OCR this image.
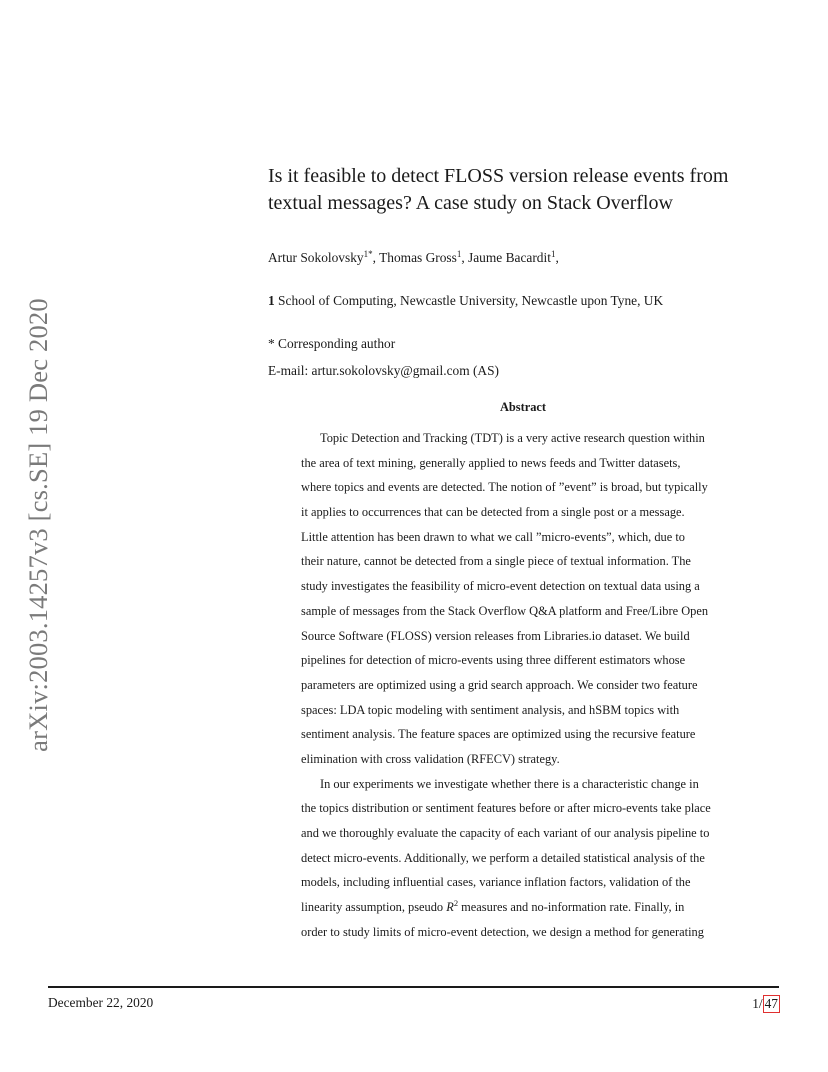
arXiv:2003.14257v3 [cs.SE] 19 Dec 2020
Is it feasible to detect FLOSS version release events from
textual messages? A case study on Stack Overflow
Artur Sokolovsky$^{1*}$, Thomas Gross$^1$, Jaume Bacardit$^1$,
1 School of Computing, Newcastle University, Newcastle upon Tyne, UK
* Corresponding author
E-mail: artur.sokolovsky@gmail.com (AS)
Abstract
Topic Detection and Tracking (TDT) is a very active research question within
the area of text mining, generally applied to news feeds and Twitter datasets,
where topics and events are detected. The notion of ”event” is broad, but typically
it applies to occurrences that can be detected from a single post or a message.
Little attention has been drawn to what we call ”micro-events”, which, due to
their nature, cannot be detected from a single piece of textual information. The
study investigates the feasibility of micro-event detection on textual data using a
sample of messages from the Stack Overflow Q&A platform and Free/Libre Open
Source Software (FLOSS) version releases from Libraries.io dataset. We build
pipelines for detection of micro-events using three different estimators whose
parameters are optimized using a grid search approach. We consider two feature
spaces: LDA topic modeling with sentiment analysis, and hSBM topics with
sentiment analysis. The feature spaces are optimized using the recursive feature
elimination with cross validation (RFECV) strategy.
In our experiments we investigate whether there is a characteristic change in
the topics distribution or sentiment features before or after micro-events take place
and we thoroughly evaluate the capacity of each variant of our analysis pipeline to
detect micro-events. Additionally, we perform a detailed statistical analysis of the
models, including influential cases, variance inflation factors, validation of the
linearity assumption, pseudo $R^2$ measures and no-information rate. Finally, in
order to study limits of micro-event detection, we design a method for generating
December 22, 2020	1/ 47
